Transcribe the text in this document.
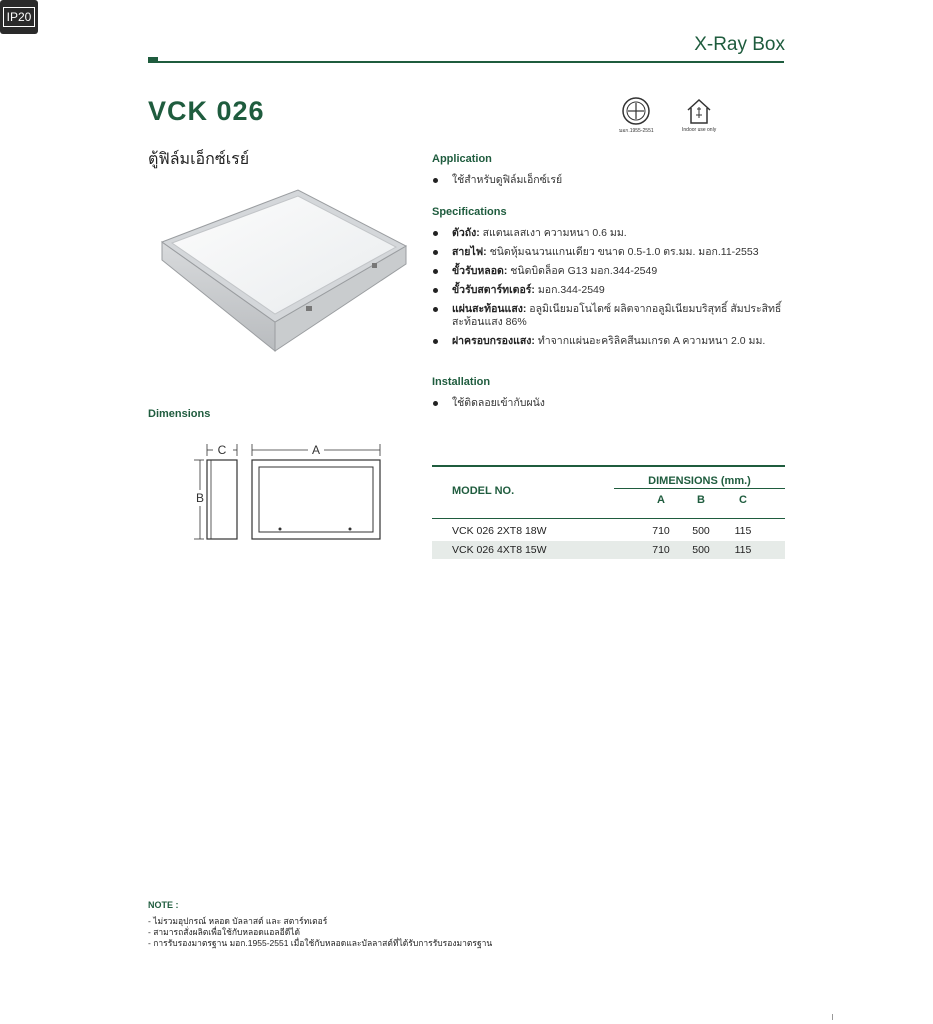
X-Ray Box
VCK 026
ตู้ฟิล์มเอ็กซ์เรย์
มอก.1955-2551	Indoor use only
IP20
Application
ใช้สำหรับดูฟิล์มเอ็กซ์เรย์
Specifications
ตัวถัง: สแตนเลสเงา ความหนา 0.6 มม.
สายไฟ: ชนิดหุ้มฉนวนแกนเดียว ขนาด 0.5-1.0 ตร.มม. มอก.11-2553
ขั้วรับหลอด: ชนิดบิดล็อค G13 มอก.344-2549
ขั้วรับสตาร์ทเตอร์: มอก.344-2549
แผ่นสะท้อนแสง: อลูมิเนียมอโนไดซ์ ผลิตจากอลูมิเนียมบริสุทธิ์ สัมประสิทธิ์สะท้อนแสง 86%
ฝาครอบกรองแสง: ทำจากแผ่นอะคริลิคสีนมเกรด A ความหนา 2.0 มม.
Installation
ใช้ติดลอยเข้ากับผนัง
Dimensions
C
B
A
DIMENSIONS (mm.)
MODEL NO.
A	B	C
VCK 026 2XT8 18W	710	500	115
VCK 026 4XT8 15W	710	500	115
NOTE :
- ไม่รวมอุปกรณ์ หลอด บัลลาสต์ และ สตาร์ทเตอร์
- สามารถสั่งผลิตเพื่อใช้กับหลอดแอลอีดีได้
- การรับรองมาตรฐาน มอก.1955-2551 เมื่อใช้กับหลอดและบัลลาสต์ที่ได้รับการรับรองมาตรฐาน
